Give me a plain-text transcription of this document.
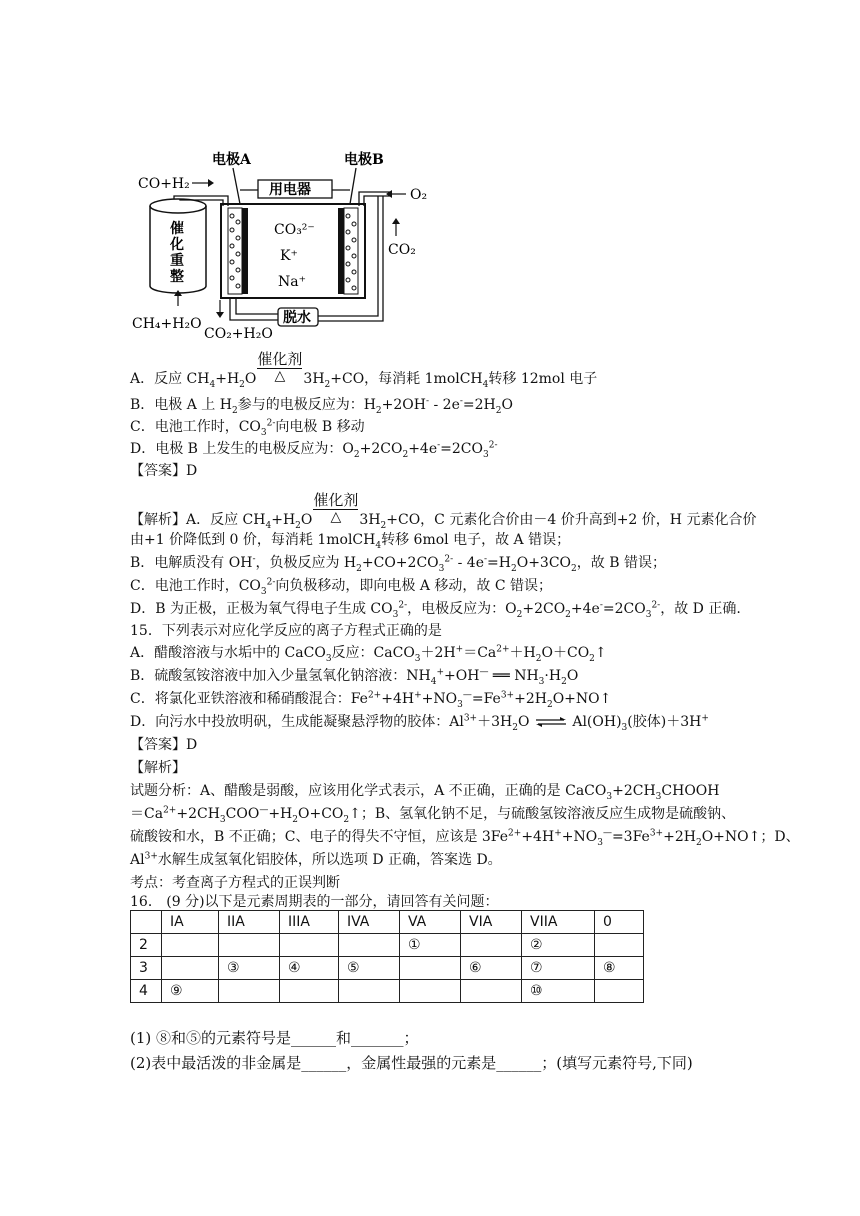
催
化
重
整
CH₄+H₂O
CO+H₂
CO₃²⁻
K⁺
Na⁺
电极A	电极B
用电器	O₂
CO₂
脱水
CO₂+H₂O
A．反应 $CH_4+H_2O$
催化剂
△	$3H_2+CO$，每消耗 1molCH$_4$转移 12mol 电子
B．电极 A 上 $H_2$参与的电极反应为：$H_2+2OH^- - 2e^-=2H_2O$
C．电池工作时，$CO_3^{2-}$向电极 B 移动
D．电极 B 上发生的电极反应为：$O_2+2CO_2+4e^-=2CO_3^{2-}$
【答案】D
【解析】A．反应 $CH_4+H_2O$
催化剂
△	$3H_2+CO$，C 元素化合价由－4 价升高到+2 价，H 元素化合价
由+1 价降低到 0 价，每消耗 1molCH$_4$转移 6mol 电子，故 A 错误；
B．电解质没有 OH-，负极反应为 $H_2+CO+2CO_3^{2-} - 4e^-=H_2O+3CO_2$，故 B 错误；
C．电池工作时，$CO_3^{2-}$向负极移动，即向电极 A 移动，故 C 错误；
D．B 为正极，正极为氧气得电子生成 $CO_3^{2-}$，电极反应为：$O_2+2CO_2+4e^-=2CO_3^{2-}$，故 D 正确.
15．下列表示对应化学反应的离子方程式正确的是
A．醋酸溶液与水垢中的 CaCO$_3$反应：$CaCO_3+2H^+=Ca^{2+}+H_2O+CO_2↑$
B．硫酸氢铵溶液中加入少量氢氧化钠溶液：$NH_4^++OH^—$ ══ $NH_3\cdot H_2O$
C．将氯化亚铁溶液和稀硝酸混合：$Fe^{2+}+4H^++NO_3^—=Fe^{3+}+2H_2O+NO↑$
D．向污水中投放明矾，生成能凝聚悬浮物的胶体：$Al^{3+}+3H_2O$ ⇌ $Al(OH)_3$(胶体)＋3H+
【答案】D
【解析】
试题分析：A、醋酸是弱酸，应该用化学式表示，A 不正确，正确的是 $CaCO_3+2CH_3CHOOH$
$=Ca^{2+}+2CH_3COO^—+H_2O+CO_2↑$；B、氢氧化钠不足，与硫酸氢铵溶液反应生成物是硫酸钠、
硫酸铵和水，B 不正确；C、电子的得失不守恒，应该是 $3Fe^{2+}+4H^++NO_3^—=3Fe^{3+}+2H_2O+NO↑$；D、
$Al^{3+}$水解生成氢氧化铝胶体，所以选项 D 正确，答案选 D。
考点：考查离子方程式的正误判断
16． (9 分)以下是元素周期表的一部分，请回答有关问题：
	IA	IIA	IIIA	IVA	VA	VIA	VIIA	0
2					①		②	
3		③	④	⑤		⑥	⑦	⑧
4	⑨						⑩	
(1) ⑧和⑤的元素符号是______和_______；
(2)表中最活泼的非金属是______，金属性最强的元素是______；(填写元素符号,下同)
